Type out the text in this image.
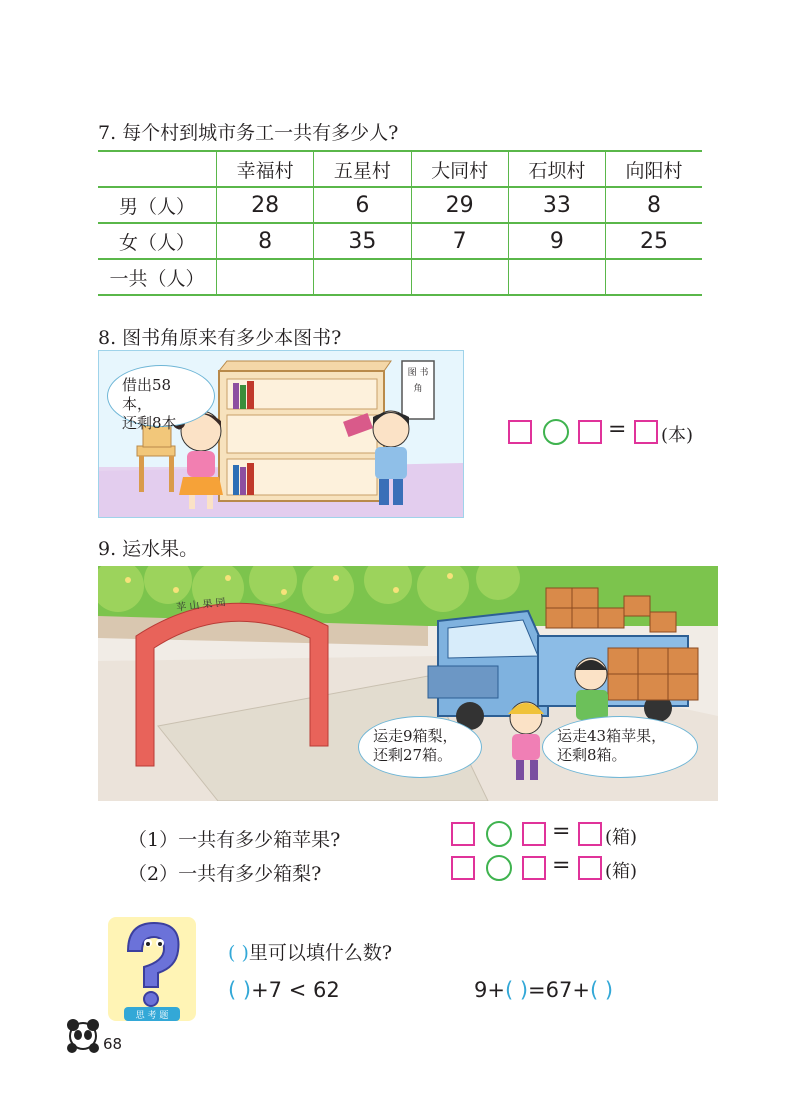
7. 每个村到城市务工一共有多少人?
	幸福村	五星村	大同村	石坝村	向阳村
男（人）	28	6	29	33	8
女（人）	8	35	7	9	25
一共（人）					
8. 图书角原来有多少本图书?
借出58本，
还剩8本。
图 书 角
= (本)
9. 运水果。
苹 山 果 园
运走9箱梨，
还剩27箱。
运走43箱苹果，
还剩8箱。
（1）一共有多少箱苹果?	= (箱)
（2）一共有多少箱梨?	= (箱)
思 考 题
( )里可以填什么数?
( )+7 < 62	9+( )=67+( )
68
